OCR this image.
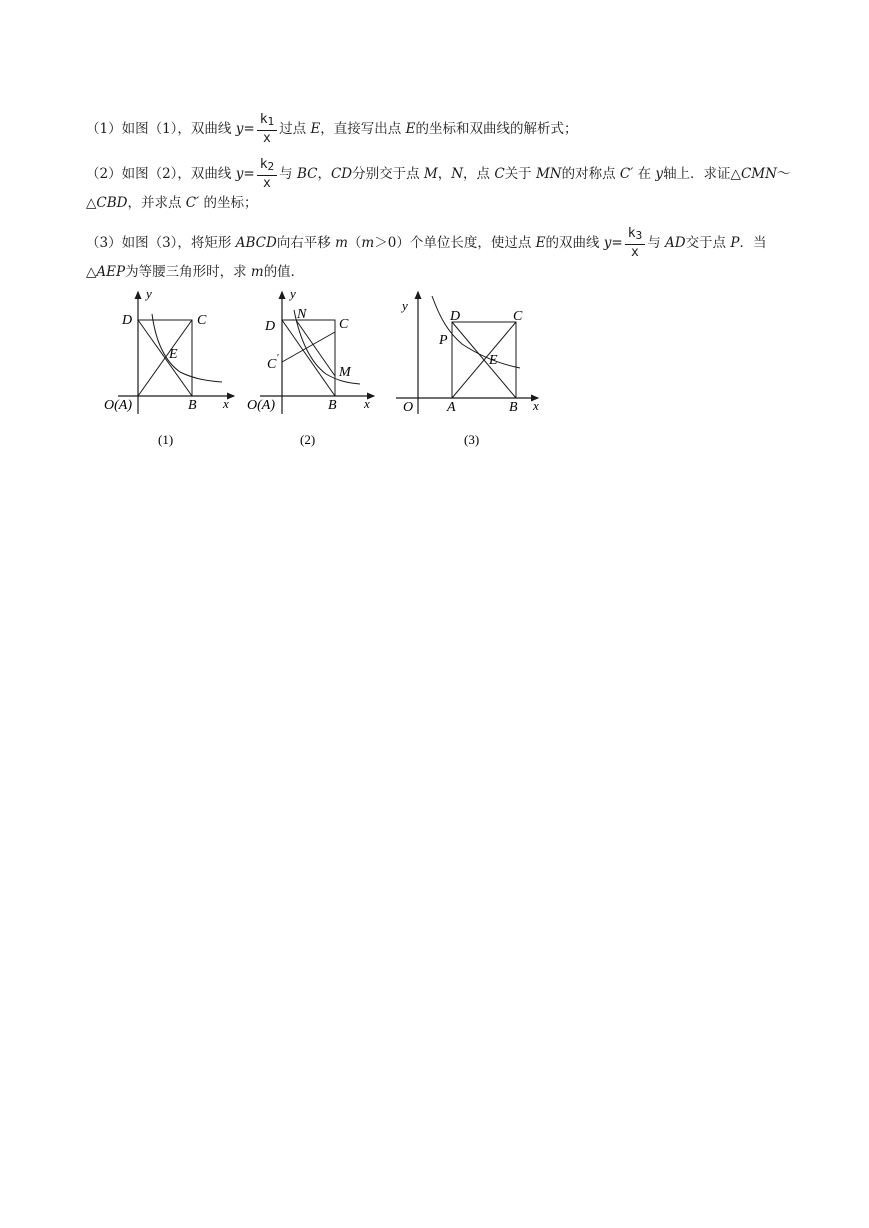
（1）如图（1），双曲线 $y= \frac{k_1}{x}$ 过点 E，直接写出点 E的坐标和双曲线的解析式；
（2）如图（2），双曲线 $y= \frac{k_2}{x}$ 与 BC，CD分别交于点 M，N，点 C关于 MN的对称点 C′ 在 y轴上．求证△CMN～
△CBD，并求点 C′ 的坐标；
（3）如图（3），将矩形 ABCD向右平移 m（m＞0）个单位长度，使过点 E的双曲线 $y= \frac{k_3}{x}$ 与 AD交于点 P．当
△AEP为等腰三角形时，求 m的值．
y
D	C
E
O(A)	B x
(1)
y
D
N
C
C′
M
O(A)	B x
(2)
y
D	C
P
E
O A	B x
(3)
